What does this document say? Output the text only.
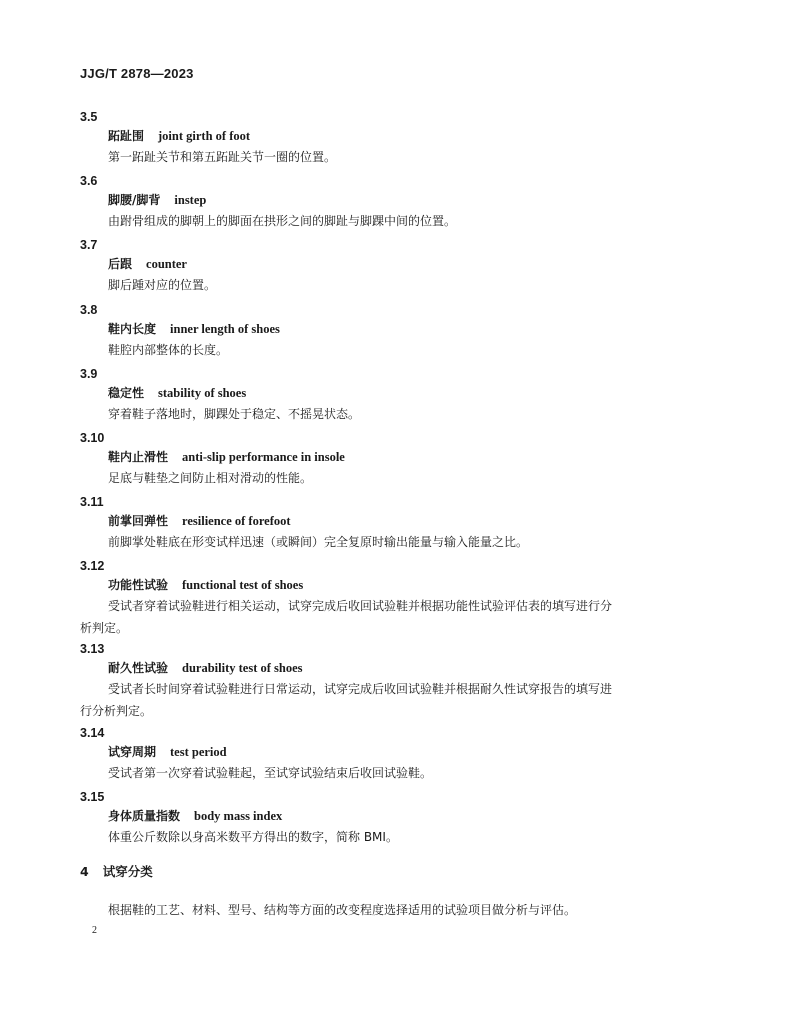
JJG/T 2878—2023
3.5
跖趾围 joint girth of foot
第一跖趾关节和第五跖趾关节一圈的位置。
3.6
脚腰/脚背 instep
由跗骨组成的脚朝上的脚面在拱形之间的脚趾与脚踝中间的位置。
3.7
后跟 counter
脚后踵对应的位置。
3.8
鞋内长度 inner length of shoes
鞋腔内部整体的长度。
3.9
稳定性 stability of shoes
穿着鞋子落地时，脚踝处于稳定、不摇晃状态。
3.10
鞋内止滑性 anti-slip performance in insole
足底与鞋垫之间防止相对滑动的性能。
3.11
前掌回弹性 resilience of forefoot
前脚掌处鞋底在形变试样迅速（或瞬间）完全复原时输出能量与输入能量之比。
3.12
功能性试验 functional test of shoes
受试者穿着试验鞋进行相关运动，试穿完成后收回试验鞋并根据功能性试验评估表的填写进行分
析判定。
3.13
耐久性试验 durability test of shoes
受试者长时间穿着试验鞋进行日常运动，试穿完成后收回试验鞋并根据耐久性试穿报告的填写进
行分析判定。
3.14
试穿周期 test period
受试者第一次穿着试验鞋起，至试穿试验结束后收回试验鞋。
3.15
身体质量指数 body mass index
体重公斤数除以身高米数平方得出的数字，简称 BMI。
4 试穿分类
根据鞋的工艺、材料、型号、结构等方面的改变程度选择适用的试验项目做分析与评估。
2
